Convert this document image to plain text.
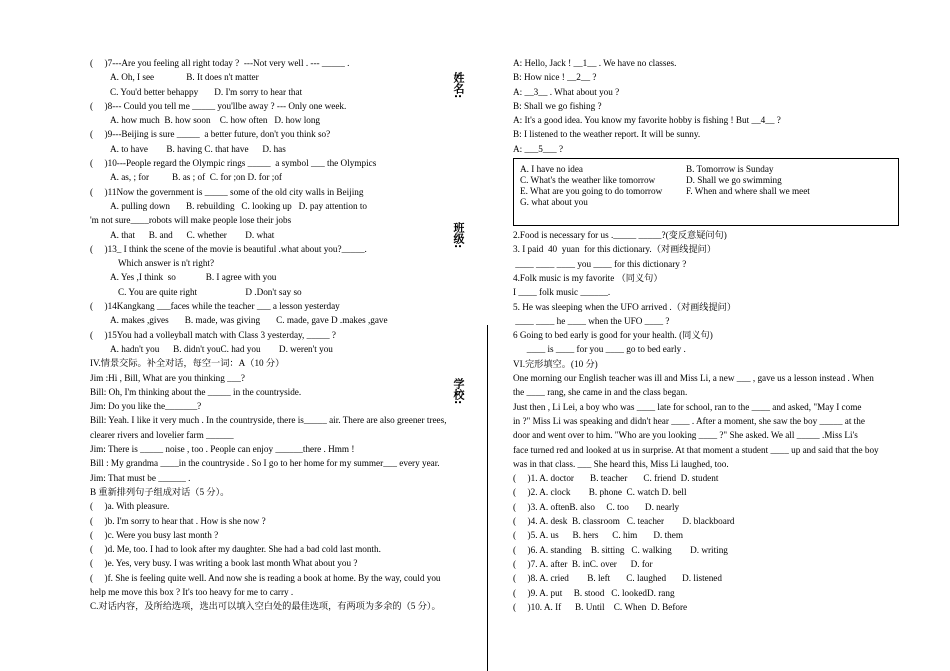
姓名:
班级:
学校:
(     )7---Are you feeling all right today ?  ---Not very well . --- _____ .
A. Oh, I see              B. It does n't matter
C. You'd better behappy       D. I'm sorry to hear that
(     )8--- Could you tell me _____ you'llbe away ? --- Only one week.
A. how much  B. how soon    C. how often   D. how long
(     )9---Beijing is sure _____  a better future, don't you think so?
A. to have        B. having C. that have      D. has
(     )10---People regard the Olympic rings _____  a symbol ___ the Olympics
A. as, ; for          B. as ; of  C. for ;on D. for ;of
(     )11Now the government is _____ some of the old city walls in Beijing
A. pulling down       B. rebuilding   C. looking up   D. pay attention to
'm not sure____robots will make people lose their jobs
A. that      B. and      C. whether        D. what
(     )13_ I think the scene of the movie is beautiful .what about you?_____.
Which answer is n't right?
A. Yes ,I think  so             B. I agree with you
C. You are quite right                     D .Don't say so
(     )14Kangkang ___faces while the teacher ___ a lesson yesterday
A. makes ,gives       B. made, was giving       C. made, gave D .makes ,gave
(     )15You had a volleyball match with Class 3 yesterday, _____ ?
A. hadn't you      B. didn't youC. had you        D. weren't you
IV.情景交际。补全对话，每空一词：A（10 分）
Jim :Hi , Bill, What are you thinking ___?
Bill: Oh, I'm thinking about the _____ in the countryside.
Jim: Do you like the_______?
Bill: Yeah. I like it very much . In the countryside, there is_____ air. There are also greener trees,
clearer rivers and lovelier farm ______
Jim: There is _____ noise , too . People can enjoy ______there . Hmm !
Bill : My grandma ____in the countryside . So I go to her home for my summer___ every year.
Jim: That must be ______ .
B 重新排列句子组成对话（5 分）。
(     )a. With pleasure.
(     )b. I'm sorry to hear that . How is she now ?
(     )c. Were you busy last month ?
(     )d. Me, too. I had to look after my daughter. She had a bad cold last month.
(     )e. Yes, very busy. I was writing a book last month What about you ?
(     )f. She is feeling quite well. And now she is reading a book at home. By the way, could you
help me move this box ? It's too heavy for me to carry .
C.对话内容，及所给选项，选出可以填入空白处的最佳选项，有两项为多余的（5 分）。
A: Hello, Jack ! __1__ . We have no classes.
B: How nice ! __2__ ?
A: __3__ . What about you ?
B: Shall we go fishing ?
A: It's a good idea. You know my favorite hobby is fishing ! But __4__ ?
B: I listened to the weather report. It will be sunny.
A: ___5___ ?
A. I have no idea	B. Tomorrow is Sunday
C. What's the weather like tomorrow	D. Shall we go swimming
E. What are you going to do tomorrow	F. When and where shall we meet
G. what about you
2.Food is necessary for us ._____ _____?(变反意疑问句)
3. I paid  40  yuan  for this dictionary.（对画线提问）
____ ____ ____ you ____ for this dictionary ?
4.Folk music is my favorite （同义句）
I ____ folk music ______.
5. He was sleeping when the UFO arrived .（对画线提问）
____ ____ he ____ when the UFO ____ ?
6 Going to bed early is good for your health. (同义句)
____ is ____ for you ____ go to bed early .
VI.完形填空。(10 分)
One morning our English teacher was ill and Miss Li, a new ___ , gave us a lesson instead . When
the ____ rang, she came in and the class began.
Just then , Li Lei, a boy who was ____ late for school, ran to the ____ and asked, "May I come
in ?" Miss Li was speaking and didn't hear ____ . After a moment, she saw the boy _____ at the
door and went over to him. "Who are you looking ____ ?" She asked. We all _____ .Miss Li's
face turned red and looked at us in surprise. At that moment a student ____ up and said that the boy
was in that class. ___ She heard this, Miss Li laughed, too.
(     )1. A. doctor       B. teacher       C. friend  D. student
(     )2. A. clock        B. phone  C. watch D. bell
(     )3. A. oftenB. also     C. too       D. nearly
(     )4. A. desk  B. classroom   C. teacher        D. blackboard
(     )5. A. us      B. hers      C. him       D. them
(     )6. A. standing    B. sitting   C. walking        D. writing
(     )7. A. after  B. inC. over      D. for
(     )8. A. cried        B. left       C. laughed       D. listened
(     )9. A. put     B. stood   C. lookedD. rang
(     )10. A. If      B. Until    C. When  D. Before
